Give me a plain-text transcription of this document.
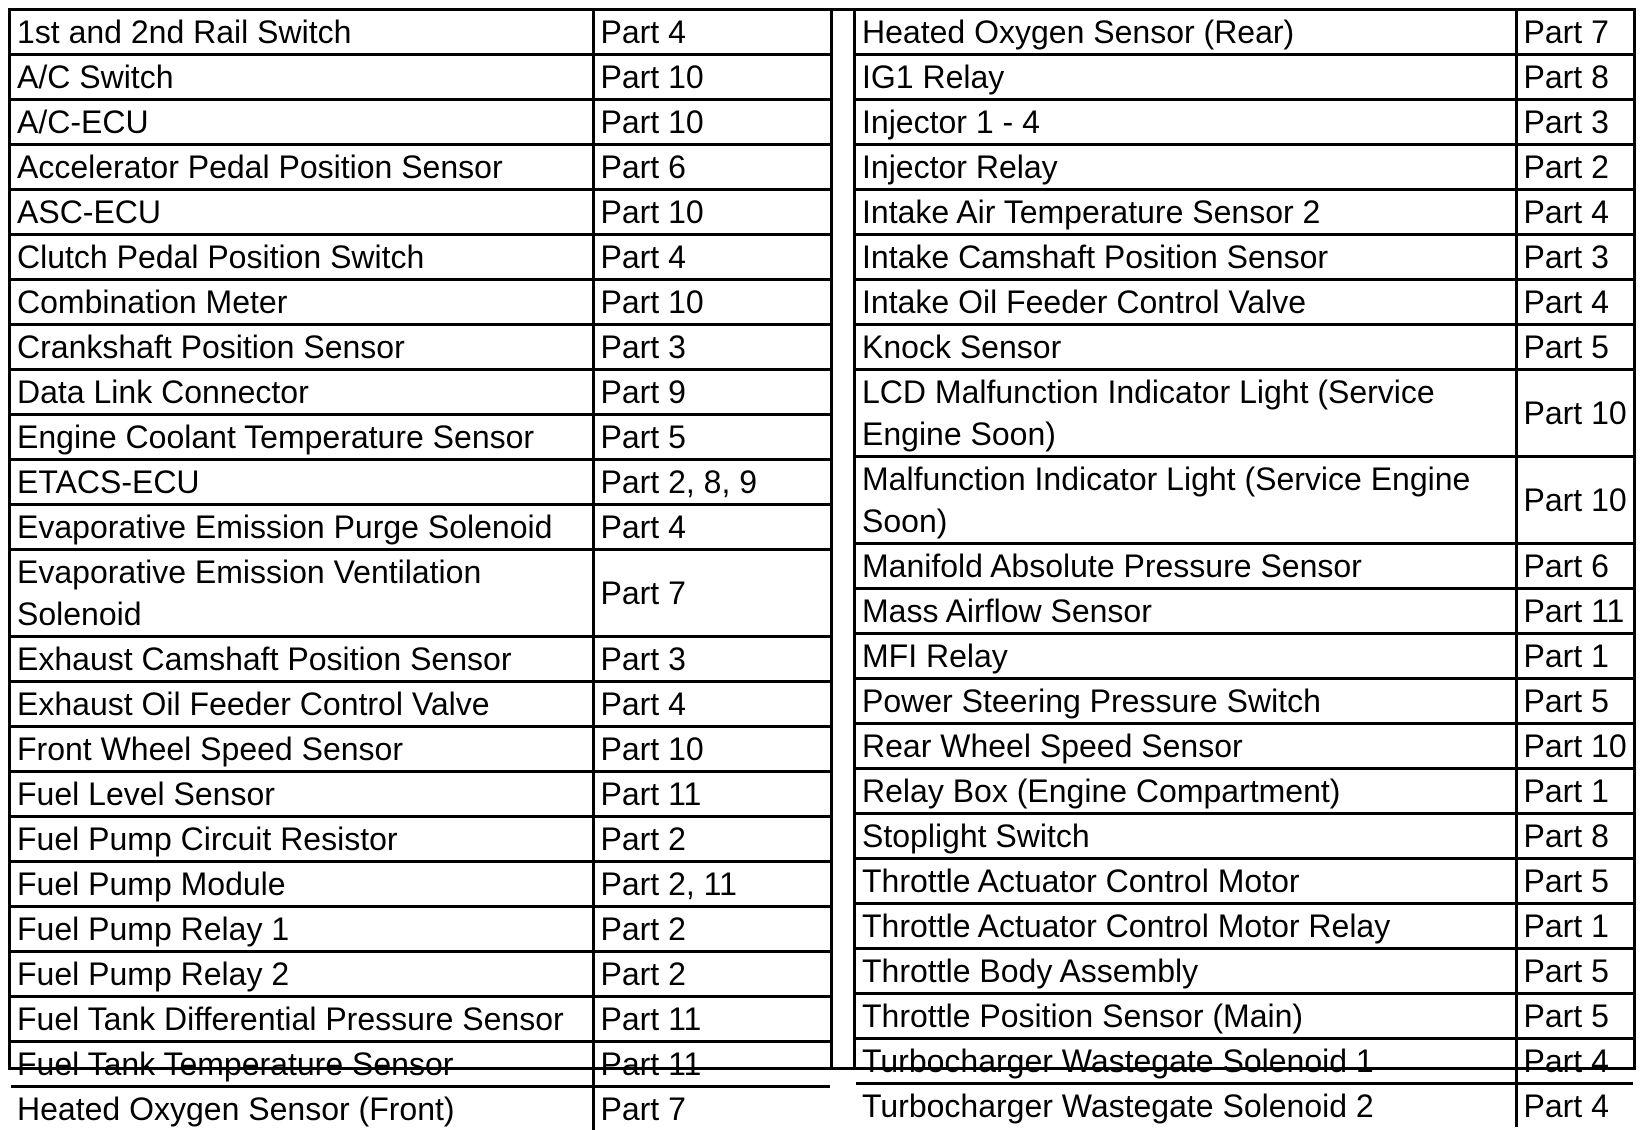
1st and 2nd Rail Switch	Part 4
A/C Switch	Part 10
A/C-ECU	Part 10
Accelerator Pedal Position Sensor	Part 6
ASC-ECU	Part 10
Clutch Pedal Position Switch	Part 4
Combination Meter	Part 10
Crankshaft Position Sensor	Part 3
Data Link Connector	Part 9
Engine Coolant Temperature Sensor	Part 5
ETACS-ECU	Part 2, 8, 9
Evaporative Emission Purge Solenoid	Part 4
Evaporative Emission Ventilation Solenoid	Part 7
Exhaust Camshaft Position Sensor	Part 3
Exhaust Oil Feeder Control Valve	Part 4
Front Wheel Speed Sensor	Part 10
Fuel Level Sensor	Part 11
Fuel Pump Circuit Resistor	Part 2
Fuel Pump Module	Part 2, 11
Fuel Pump Relay 1	Part 2
Fuel Pump Relay 2	Part 2
Fuel Tank Differential Pressure Sensor	Part 11
Fuel Tank Temperature Sensor	Part 11
Heated Oxygen Sensor (Front)	Part 7
Heated Oxygen Sensor (Rear)	Part 7
IG1 Relay	Part 8
Injector 1 - 4	Part 3
Injector Relay	Part 2
Intake Air Temperature Sensor 2	Part 4
Intake Camshaft Position Sensor	Part 3
Intake Oil Feeder Control Valve	Part 4
Knock Sensor	Part 5
LCD Malfunction Indicator Light (Service Engine Soon)	Part 10
Malfunction Indicator Light (Service Engine Soon)	Part 10
Manifold Absolute Pressure Sensor	Part 6
Mass Airflow Sensor	Part 11
MFI Relay	Part 1
Power Steering Pressure Switch	Part 5
Rear Wheel Speed Sensor	Part 10
Relay Box (Engine Compartment)	Part 1
Stoplight Switch	Part 8
Throttle Actuator Control Motor	Part 5
Throttle Actuator Control Motor Relay	Part 1
Throttle Body Assembly	Part 5
Throttle Position Sensor (Main)	Part 5
Turbocharger Wastegate Solenoid 1	Part 4
Turbocharger Wastegate Solenoid 2	Part 4
